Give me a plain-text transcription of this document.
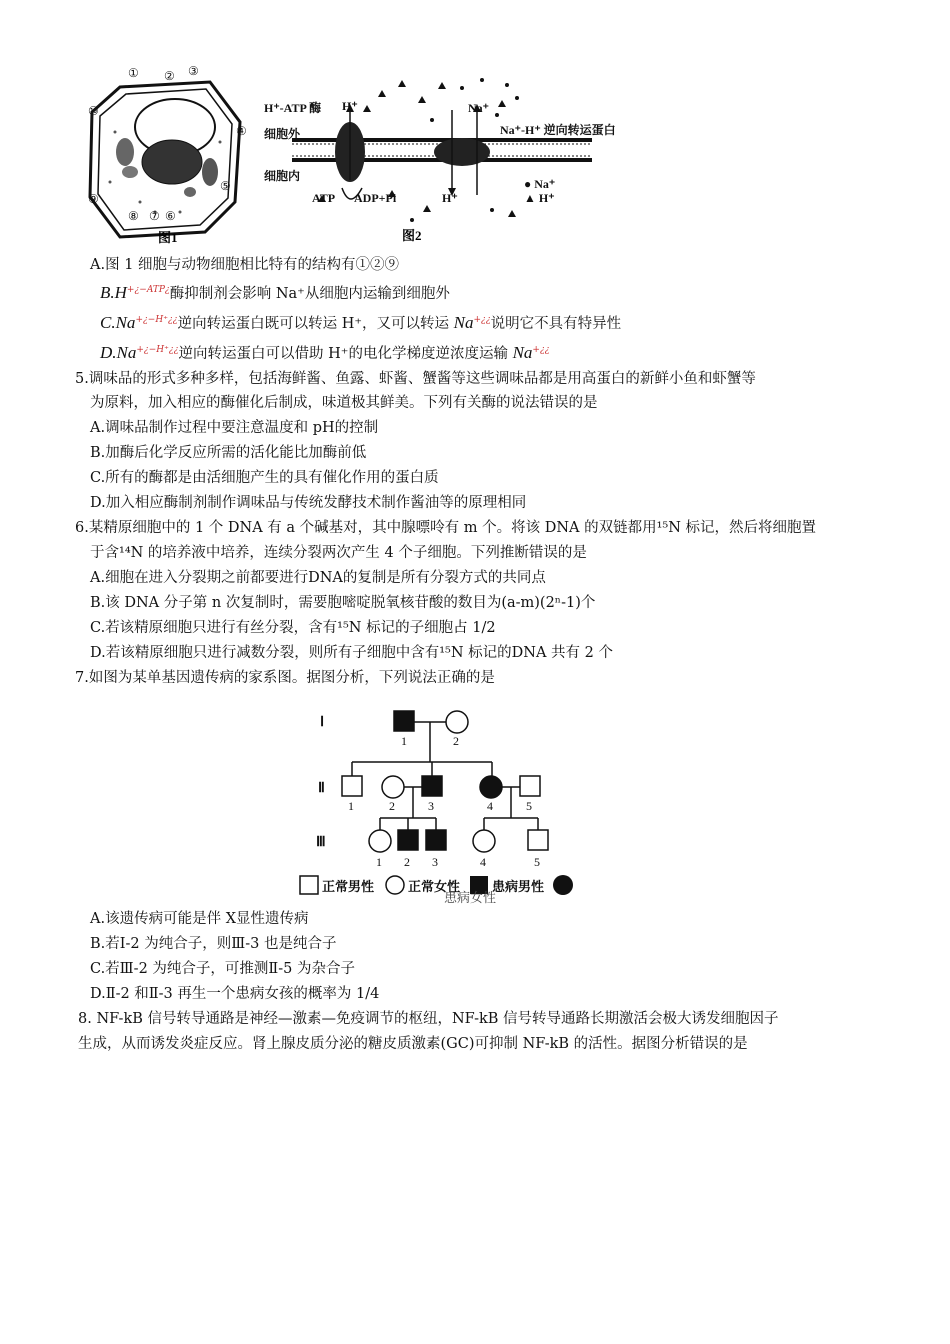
① ② ③
④
⑤
⑥
⑦
⑧
⑨
⑩
图1
H⁺-ATP 酶 H⁺
细胞外
细胞内
Na⁺
Na⁺-H⁺ 逆向转运蛋白
ATP ADP+Pi	H⁺
● Na⁺
▲ H⁺
图2
A.图 1 细胞与动物细胞相比特有的结构有①②⑨
$B.H^{+¿-ATP¿}$酶抑制剂会影响 Na⁺从细胞内运输到细胞外
$C.Na^{+¿-H^+¿¿}$逆向转运蛋白既可以转运 H⁺，又可以转运 Na+¿¿说明它不具有特异性
$D.Na^{+¿-H^+¿¿}$逆向转运蛋白可以借助 H⁺的电化学梯度逆浓度运输 Na+¿¿
5.调味品的形式多种多样，包括海鲜酱、鱼露、虾酱、蟹酱等这些调味品都是用高蛋白的新鲜小鱼和虾蟹等
为原料，加入相应的酶催化后制成，味道极其鲜美。下列有关酶的说法错误的是
A.调味品制作过程中要注意温度和 pH的控制
B.加酶后化学反应所需的活化能比加酶前低
C.所有的酶都是由活细胞产生的具有催化作用的蛋白质
D.加入相应酶制剂制作调味品与传统发酵技术制作酱油等的原理相同
6.某精原细胞中的 1 个 DNA 有 a 个碱基对，其中腺嘌呤有 m 个。将该 DNA 的双链都用¹⁵N 标记，然后将细胞置
于含¹⁴N 的培养液中培养，连续分裂两次产生 4 个子细胞。下列推断错误的是
A.细胞在进入分裂期之前都要进行DNA的复制是所有分裂方式的共同点
B.该 DNA 分子第 n 次复制时，需要胞嘧啶脱氧核苷酸的数目为(a-m)(2ⁿ-1)个
C.若该精原细胞只进行有丝分裂，含有¹⁵N 标记的子细胞占 1/2
D.若该精原细胞只进行减数分裂，则所有子细胞中含有¹⁵N 标记的DNA 共有 2 个
7.如图为某单基因遗传病的家系图。据图分析，下列说法正确的是
Ⅰ
Ⅱ
Ⅲ
1	2
1	2	3	4	5
1 2 3	4	5
正常男性	正常女性 患病男性
患病女性
A.该遗传病可能是伴 X显性遗传病
B.若Ⅰ-2 为纯合子，则Ⅲ-3 也是纯合子
C.若Ⅲ-2 为纯合子，可推测Ⅱ-5 为杂合子
D.Ⅱ-2 和Ⅱ-3 再生一个患病女孩的概率为 1/4
8. NF-kB 信号转导通路是神经—激素—免疫调节的枢纽，NF-kB 信号转导通路长期激活会极大诱发细胞因子
生成，从而诱发炎症反应。肾上腺皮质分泌的糖皮质激素(GC)可抑制 NF-kB 的活性。据图分析错误的是
